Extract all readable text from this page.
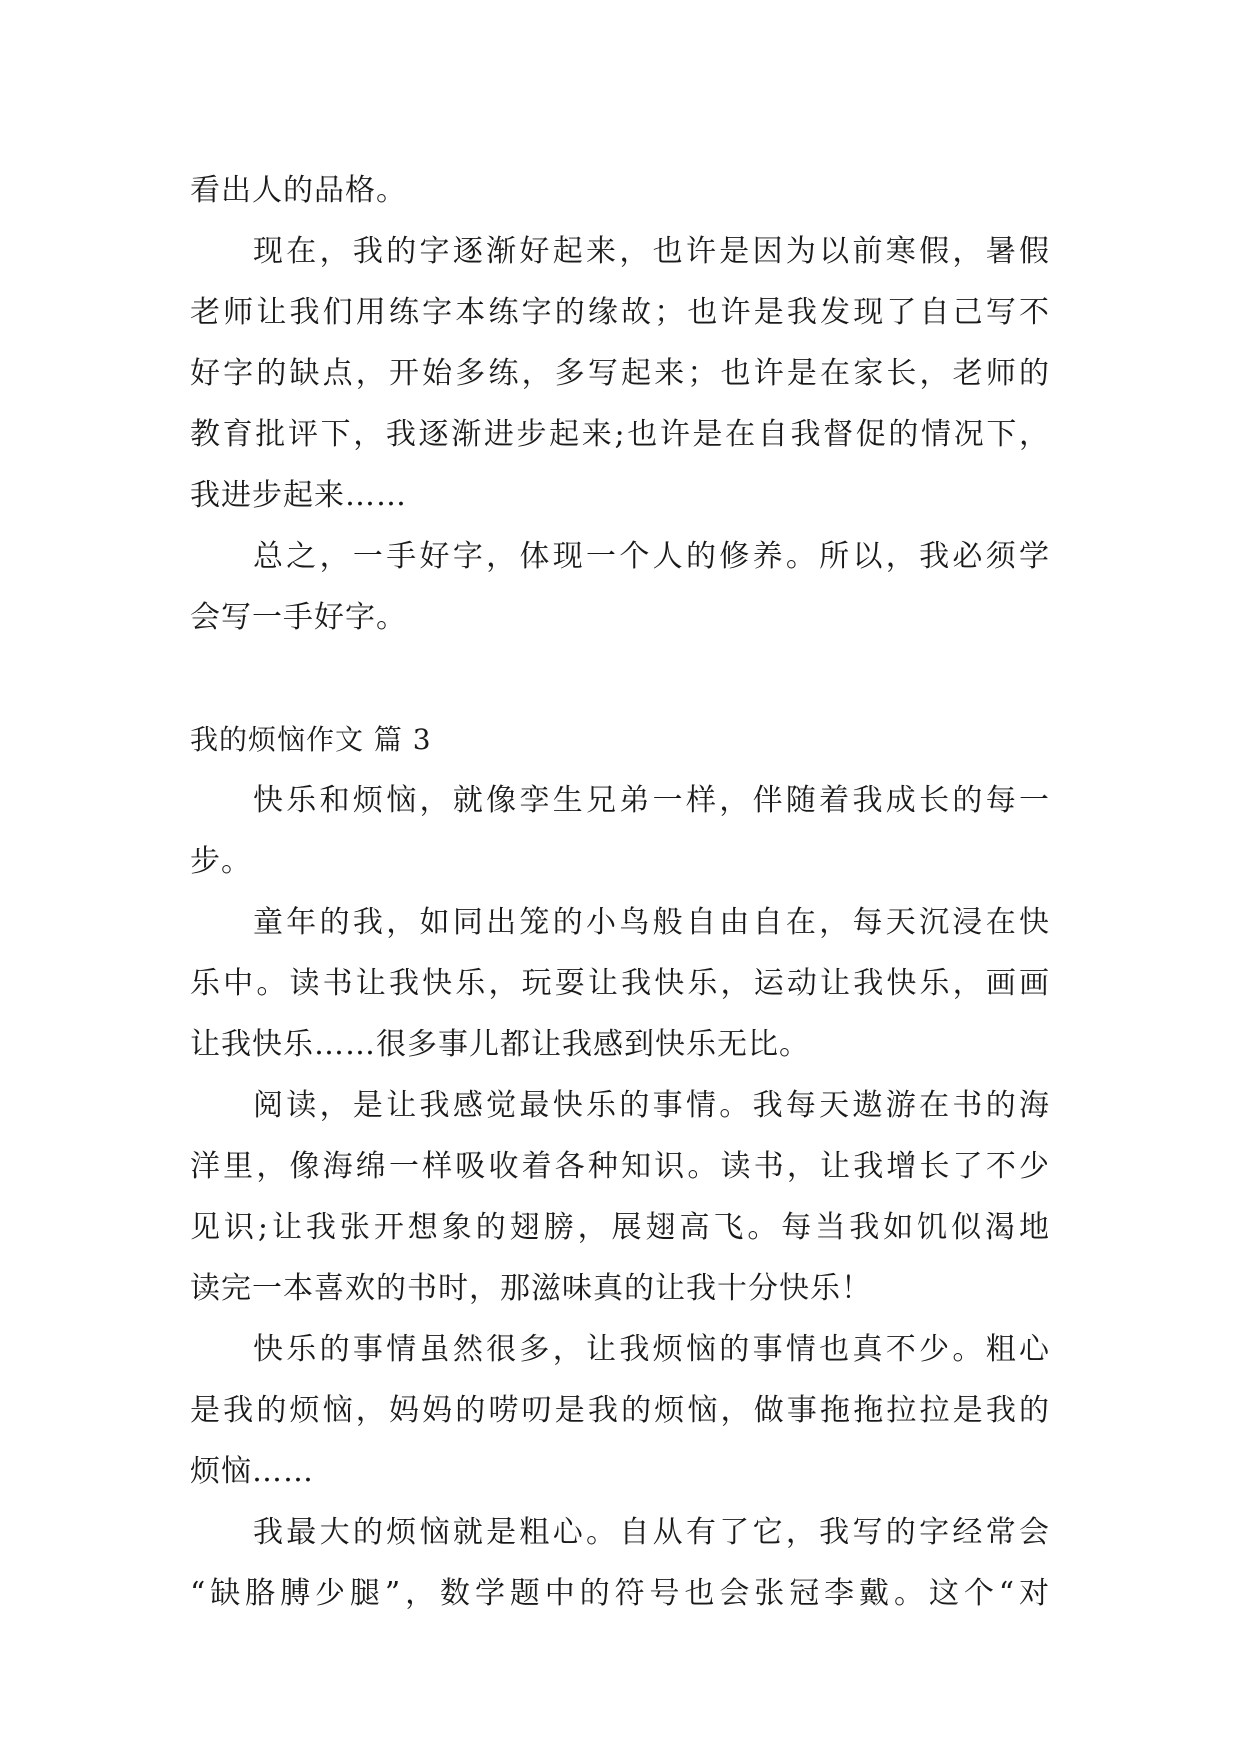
看出人的品格。
现在，我的字逐渐好起来，也许是因为以前寒假，暑假
老师让我们用练字本练字的缘故；也许是我发现了自己写不
好字的缺点，开始多练，多写起来；也许是在家长，老师的
教育批评下，我逐渐进步起来;也许是在自我督促的情况下，
我进步起来……
总之，一手好字，体现一个人的修养。所以，我必须学
会写一手好字。
我的烦恼作文 篇 3
快乐和烦恼，就像孪生兄弟一样，伴随着我成长的每一
步。
童年的我，如同出笼的小鸟般自由自在，每天沉浸在快
乐中。读书让我快乐，玩耍让我快乐，运动让我快乐，画画
让我快乐……很多事儿都让我感到快乐无比。
阅读，是让我感觉最快乐的事情。我每天遨游在书的海
洋里，像海绵一样吸收着各种知识。读书，让我增长了不少
见识;让我张开想象的翅膀，展翅高飞。每当我如饥似渴地
读完一本喜欢的书时，那滋味真的让我十分快乐！
快乐的事情虽然很多，让我烦恼的事情也真不少。粗心
是我的烦恼，妈妈的唠叨是我的烦恼，做事拖拖拉拉是我的
烦恼……
我最大的烦恼就是粗心。自从有了它，我写的字经常会
“缺胳膊少腿”，数学题中的符号也会张冠李戴。这个“对
